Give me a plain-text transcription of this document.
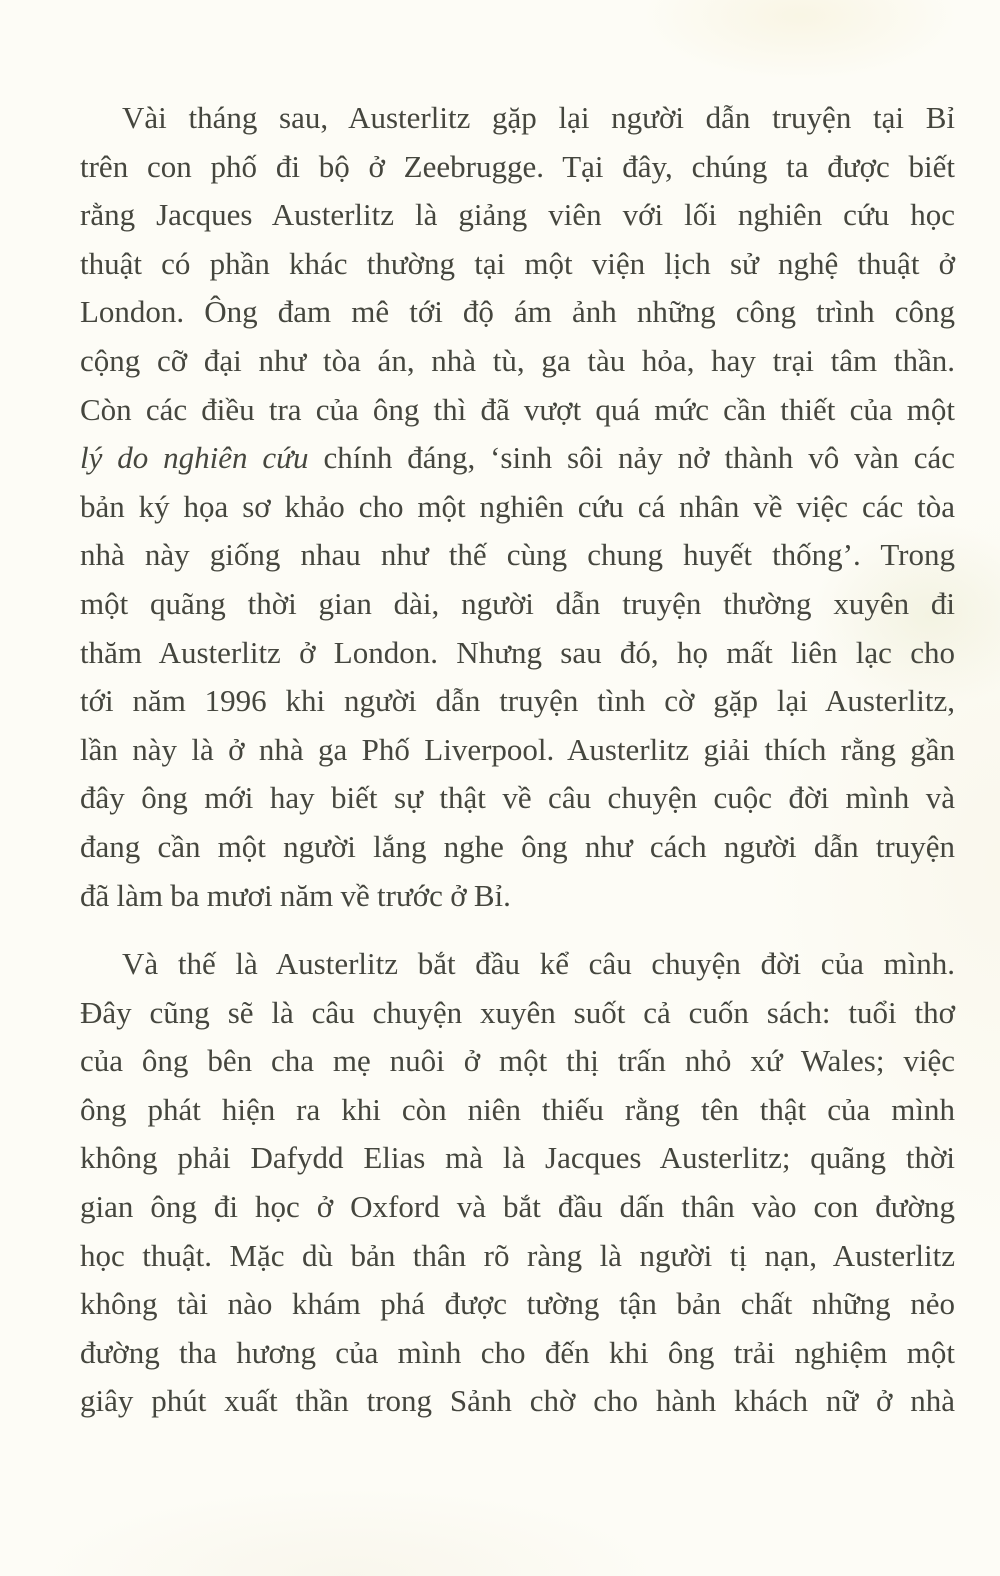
Vài tháng sau, Austerlitz gặp lại người dẫn truyện tại Bỉ
trên con phố đi bộ ở Zeebrugge. Tại đây, chúng ta được biết
rằng Jacques Austerlitz là giảng viên với lối nghiên cứu học
thuật có phần khác thường tại một viện lịch sử nghệ thuật ở
London. Ông đam mê tới độ ám ảnh những công trình công
cộng cỡ đại như tòa án, nhà tù, ga tàu hỏa, hay trại tâm thần.
Còn các điều tra của ông thì đã vượt quá mức cần thiết của một
lý do nghiên cứu chính đáng, ‘sinh sôi nảy nở thành vô vàn các
bản ký họa sơ khảo cho một nghiên cứu cá nhân về việc các tòa
nhà này giống nhau như thế cùng chung huyết thống’. Trong
một quãng thời gian dài, người dẫn truyện thường xuyên đi
thăm Austerlitz ở London. Nhưng sau đó, họ mất liên lạc cho
tới năm 1996 khi người dẫn truyện tình cờ gặp lại Austerlitz,
lần này là ở nhà ga Phố Liverpool. Austerlitz giải thích rằng gần
đây ông mới hay biết sự thật về câu chuyện cuộc đời mình và
đang cần một người lắng nghe ông như cách người dẫn truyện
đã làm ba mươi năm về trước ở Bỉ.
Và thế là Austerlitz bắt đầu kể câu chuyện đời của mình.
Đây cũng sẽ là câu chuyện xuyên suốt cả cuốn sách: tuổi thơ
của ông bên cha mẹ nuôi ở một thị trấn nhỏ xứ Wales; việc
ông phát hiện ra khi còn niên thiếu rằng tên thật của mình
không phải Dafydd Elias mà là Jacques Austerlitz; quãng thời
gian ông đi học ở Oxford và bắt đầu dấn thân vào con đường
học thuật. Mặc dù bản thân rõ ràng là người tị nạn, Austerlitz
không tài nào khám phá được tường tận bản chất những nẻo
đường tha hương của mình cho đến khi ông trải nghiệm một
giây phút xuất thần trong Sảnh chờ cho hành khách nữ ở nhà
